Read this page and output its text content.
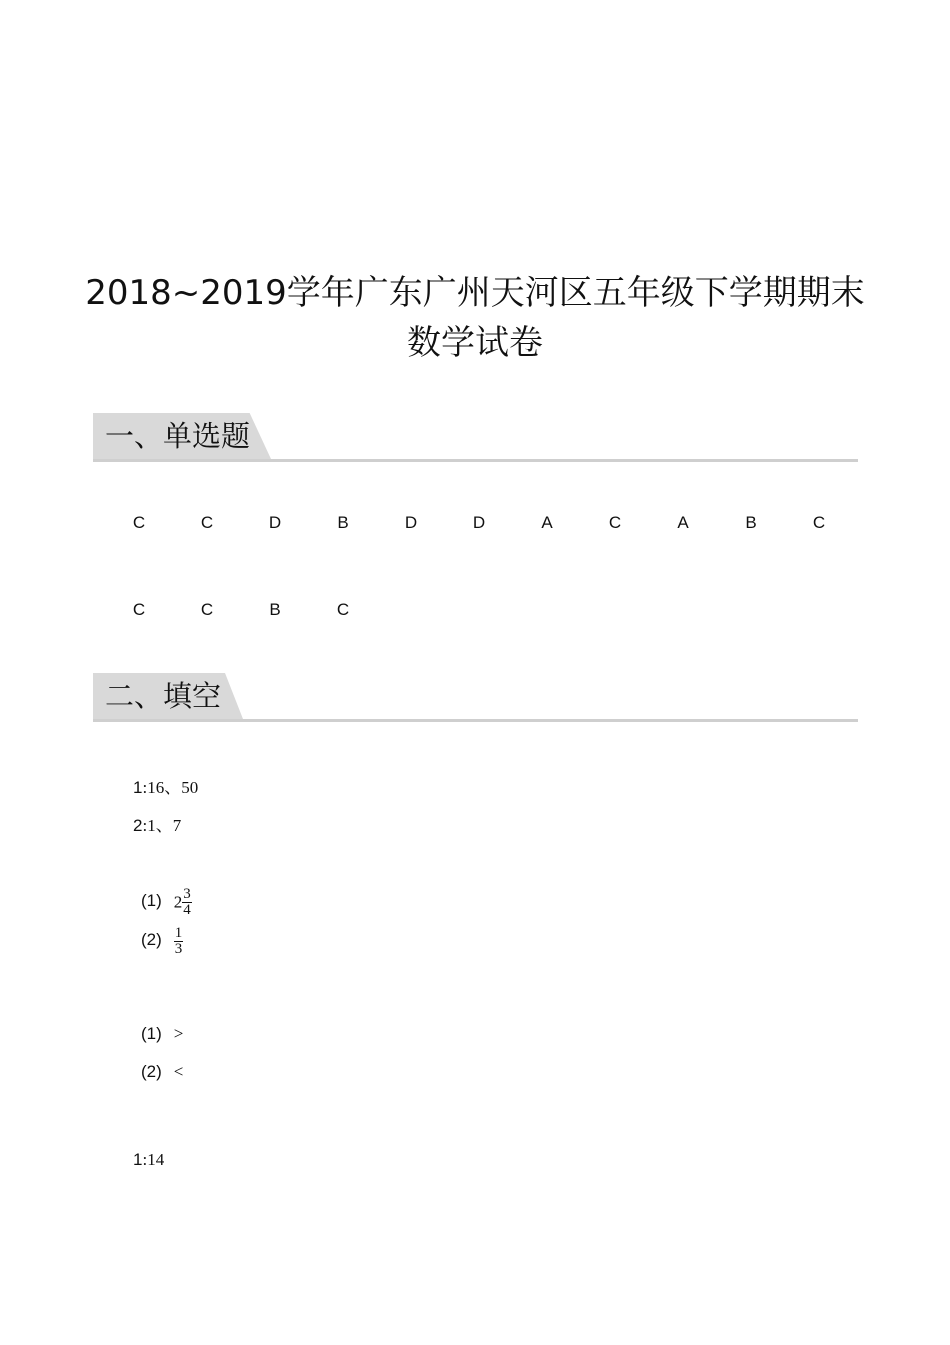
2018~2019学年广东广州天河区五年级下学期期末
数学试卷
一、单选题
C	C	D	B	D	D	A	C	A	B	C
C	C	B	C
二、填空
1:16、50
2:1、7
(1) $2 \frac{3}{4}$
$(2) \frac{1}{3}$
(1) >
(2) <
1:14
